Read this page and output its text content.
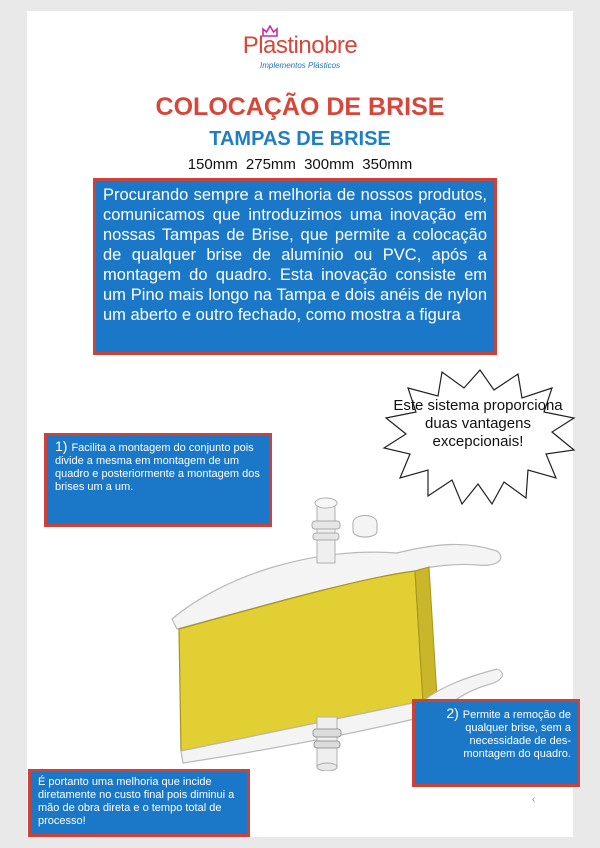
Plastinobre
Implementos Plásticos
COLOCAÇÃO DE BRISE
TAMPAS DE BRISE
150mm 275mm 300mm 350mm
Procurando sempre a melhoria de nossos produtos, comunicamos que introduzimos uma inovação em nossas Tampas de Brise, que permite a colocação de qualquer brise de alumínio ou PVC, após a montagem do quadro. Esta inovação consiste em um Pino mais longo na Tampa e dois anéis de nylon um aberto e outro fechado, como mostra a figura
Este sistema proporciona duas vantagens excepcionais!
1) Facilita a montagem do conjunto pois divide a mesma em montagem de um quadro e posteriormente a montagem dos brises um a um.
2) Permite a remoção de qualquer brise, sem a necessidade de des-montagem do quadro.
É portanto uma melhoria que incide diretamente no custo final pois diminui a mão de obra direta e o tempo total de processo!
‹
